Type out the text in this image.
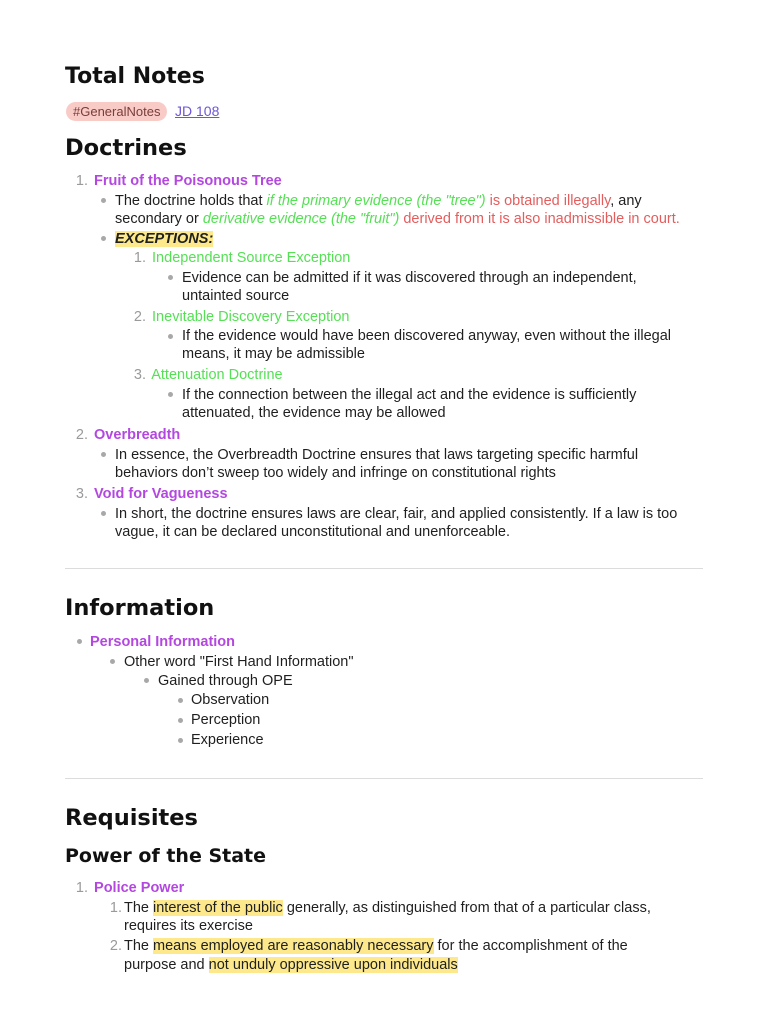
Total Notes
#GeneralNotes	JD 108
Doctrines
1. Fruit of the Poisonous Tree
The doctrine holds that if the primary evidence (the "tree") is obtained illegally, any
secondary or derivative evidence (the "fruit") derived from it is also inadmissible in court.
EXCEPTIONS:
1. Independent Source Exception
Evidence can be admitted if it was discovered through an independent,
untainted source
2. Inevitable Discovery Exception
If the evidence would have been discovered anyway, even without the illegal
means, it may be admissible
3. Attenuation Doctrine
If the connection between the illegal act and the evidence is sufficiently
attenuated, the evidence may be allowed
2. Overbreadth
In essence, the Overbreadth Doctrine ensures that laws targeting specific harmful
behaviors don’t sweep too widely and infringe on constitutional rights
3. Void for Vagueness
In short, the doctrine ensures laws are clear, fair, and applied consistently. If a law is too
vague, it can be declared unconstitutional and unenforceable.
Information
Personal Information
Other word "First Hand Information"
Gained through OPE
Observation
Perception
Experience
Requisites
Power of the State
1. Police Power
1. The interest of the public generally, as distinguished from that of a particular class,
requires its exercise
2. The means employed are reasonably necessary for the accomplishment of the
purpose and not unduly oppressive upon individuals
